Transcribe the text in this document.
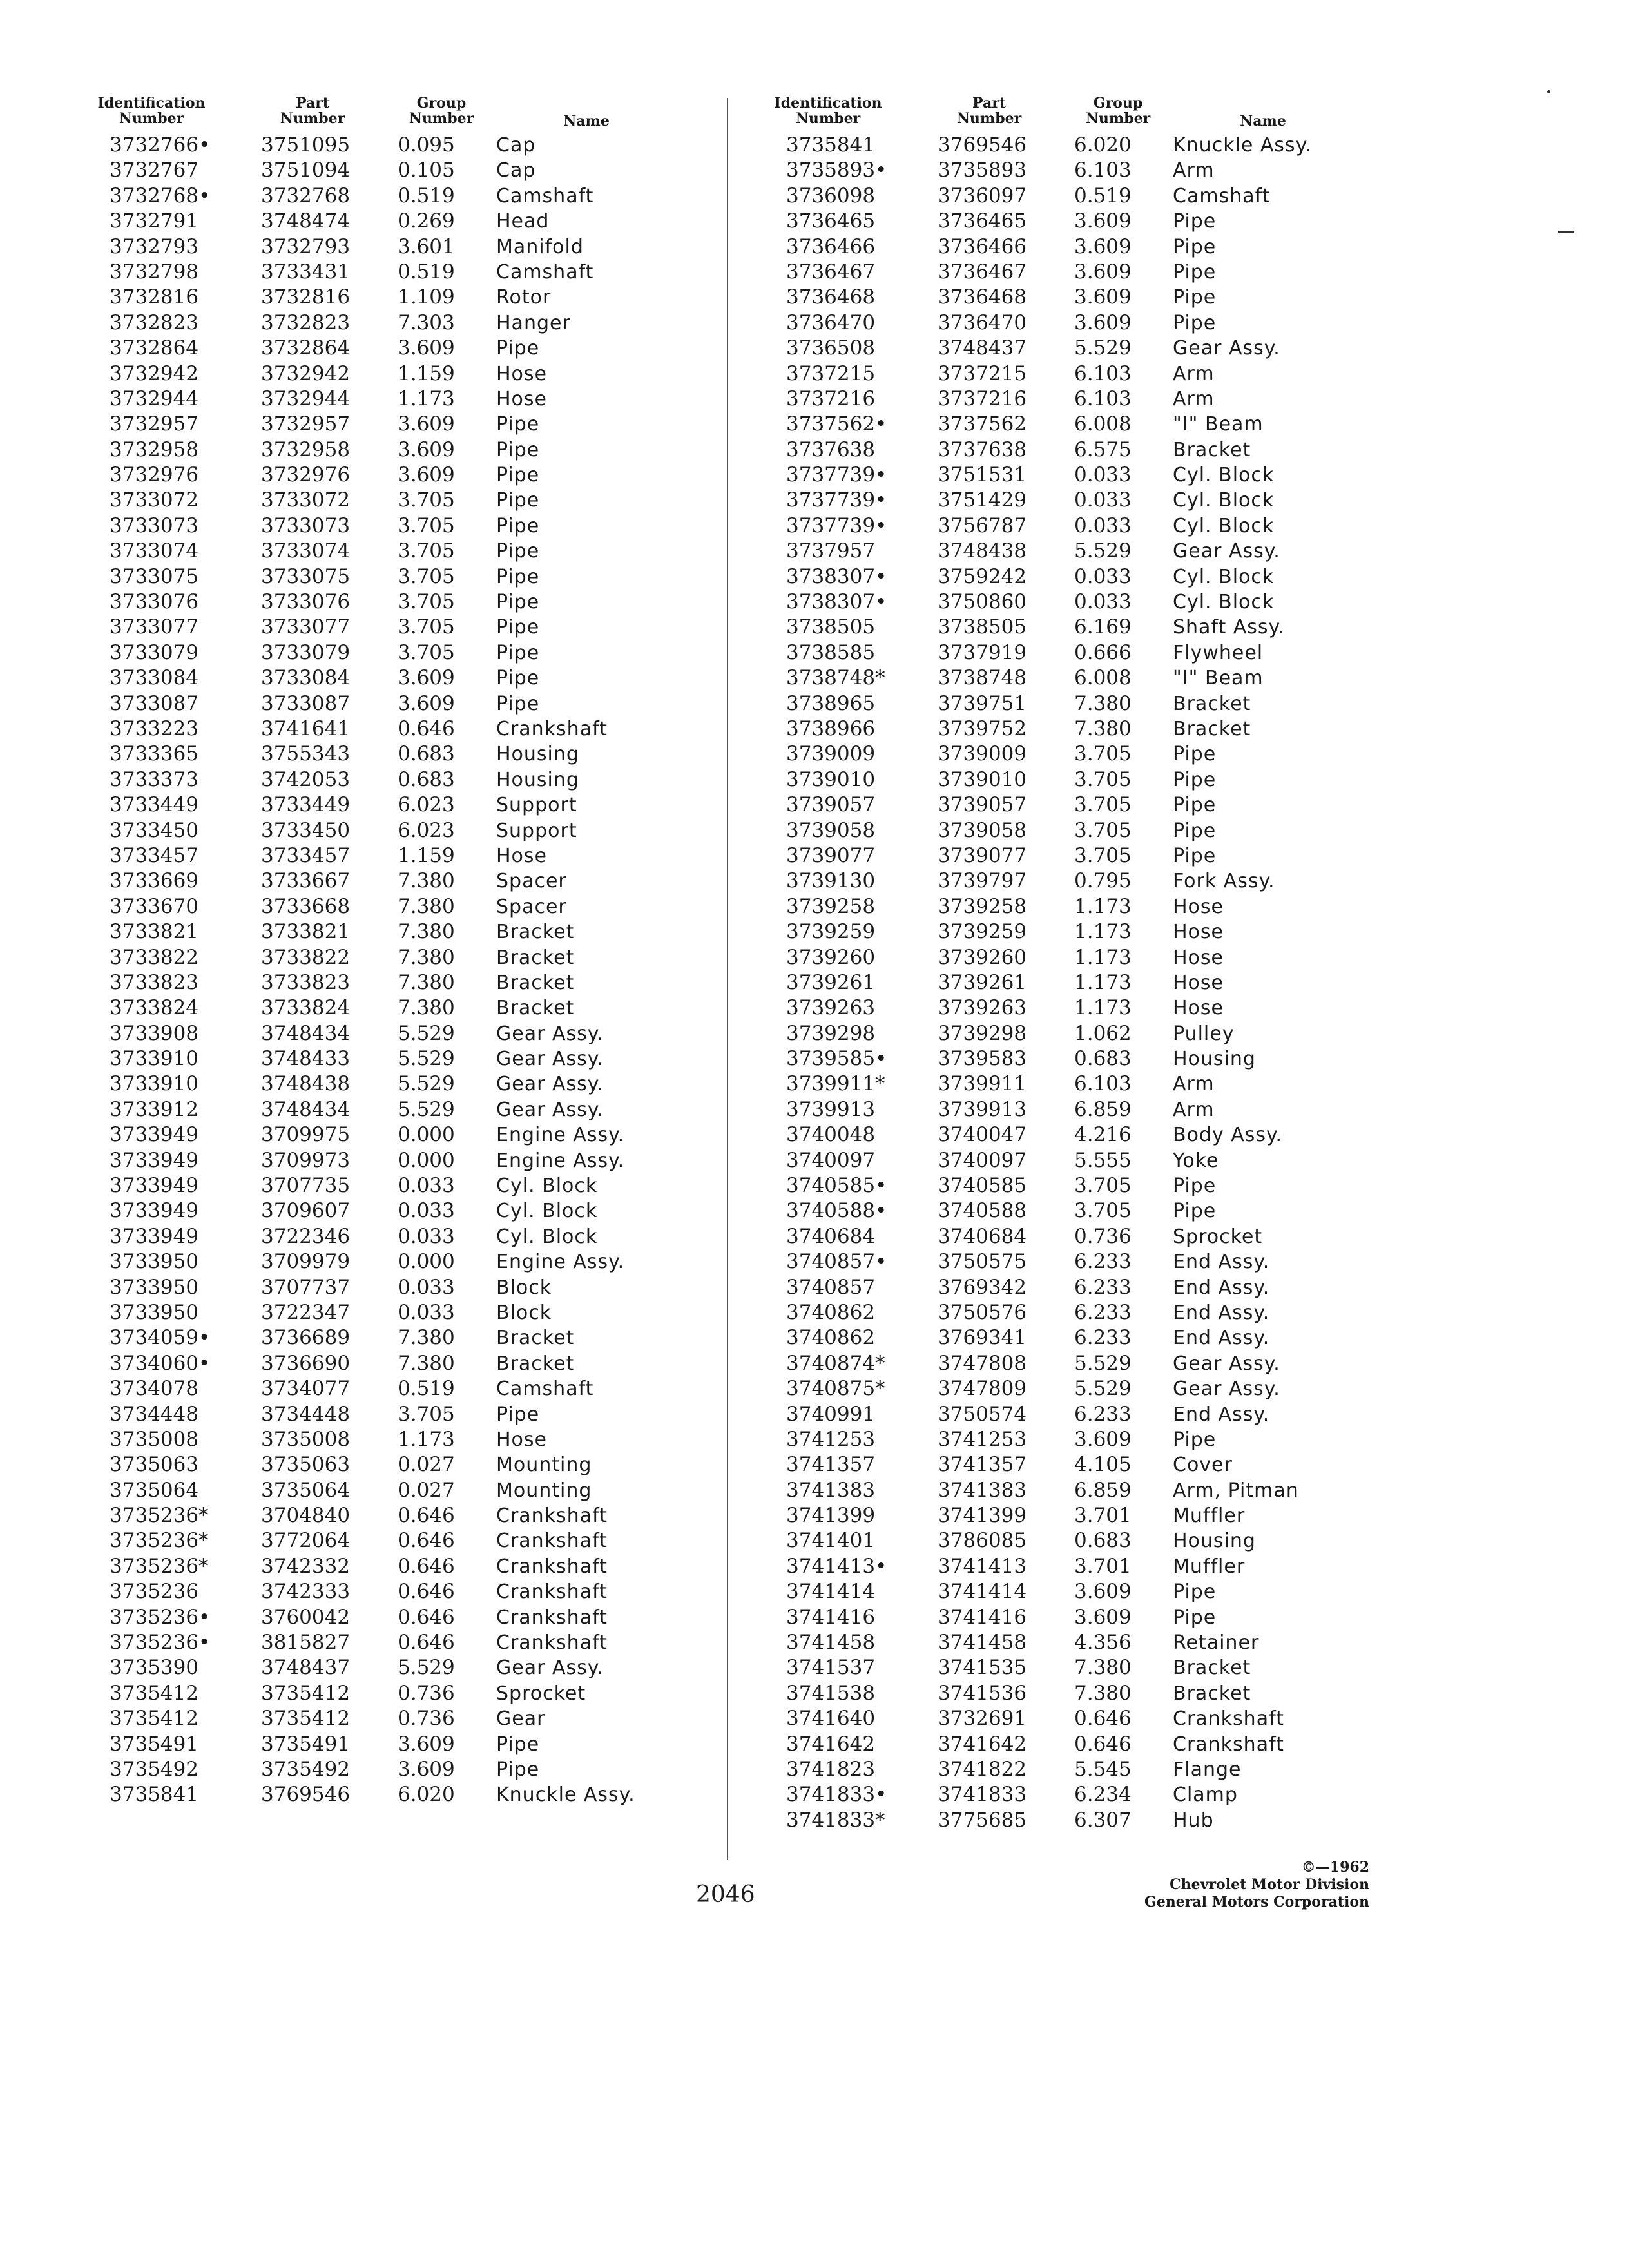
Identification
Number
Part
Number
Group
Number	Name
3732766•	3751095 0.095 Cap
3732767	3751094 0.105 Cap
3732768•	3732768 0.519 Camshaft
3732791	3748474 0.269 Head
3732793	3732793 3.601 Manifold
3732798	3733431 0.519 Camshaft
3732816	3732816 1.109 Rotor
3732823	3732823 7.303 Hanger
3732864	3732864 3.609 Pipe
3732942	3732942 1.159 Hose
3732944	3732944 1.173 Hose
3732957	3732957 3.609 Pipe
3732958	3732958 3.609 Pipe
3732976	3732976 3.609 Pipe
3733072	3733072 3.705 Pipe
3733073	3733073 3.705 Pipe
3733074	3733074 3.705 Pipe
3733075	3733075 3.705 Pipe
3733076	3733076 3.705 Pipe
3733077	3733077 3.705 Pipe
3733079	3733079 3.705 Pipe
3733084	3733084 3.609 Pipe
3733087	3733087 3.609 Pipe
3733223	3741641 0.646 Crankshaft
3733365	3755343 0.683 Housing
3733373	3742053 0.683 Housing
3733449	3733449 6.023 Support
3733450	3733450 6.023 Support
3733457	3733457 1.159 Hose
3733669	3733667 7.380 Spacer
3733670	3733668 7.380 Spacer
3733821	3733821 7.380 Bracket
3733822	3733822 7.380 Bracket
3733823	3733823 7.380 Bracket
3733824	3733824 7.380 Bracket
3733908	3748434 5.529 Gear Assy.
3733910	3748433 5.529 Gear Assy.
3733910	3748438 5.529 Gear Assy.
3733912	3748434 5.529 Gear Assy.
3733949	3709975 0.000 Engine Assy.
3733949	3709973 0.000 Engine Assy.
3733949	3707735 0.033 Cyl. Block
3733949	3709607 0.033 Cyl. Block
3733949	3722346 0.033 Cyl. Block
3733950	3709979 0.000 Engine Assy.
3733950	3707737 0.033 Block
3733950	3722347 0.033 Block
3734059•	3736689 7.380 Bracket
3734060•	3736690 7.380 Bracket
3734078	3734077 0.519 Camshaft
3734448	3734448 3.705 Pipe
3735008	3735008 1.173 Hose
3735063	3735063 0.027 Mounting
3735064	3735064 0.027 Mounting
3735236*	3704840 0.646 Crankshaft
3735236*	3772064 0.646 Crankshaft
3735236*	3742332 0.646 Crankshaft
3735236	3742333 0.646 Crankshaft
3735236•	3760042 0.646 Crankshaft
3735236•	3815827 0.646 Crankshaft
3735390	3748437 5.529 Gear Assy.
3735412	3735412 0.736 Sprocket
3735412	3735412 0.736 Gear
3735491	3735491 3.609 Pipe
3735492	3735492 3.609 Pipe
3735841	3769546 6.020 Knuckle Assy.
Identification
Number
Part
Number
Group
Number	Name
3735841	3769546 6.020 Knuckle Assy.
3735893•	3735893 6.103 Arm
3736098	3736097 0.519 Camshaft
3736465	3736465 3.609 Pipe
3736466	3736466 3.609 Pipe
3736467	3736467 3.609 Pipe
3736468	3736468 3.609 Pipe
3736470	3736470 3.609 Pipe
3736508	3748437 5.529 Gear Assy.
3737215	3737215 6.103 Arm
3737216	3737216 6.103 Arm
3737562•	3737562 6.008 "I" Beam
3737638	3737638 6.575 Bracket
3737739•	3751531 0.033 Cyl. Block
3737739•	3751429 0.033 Cyl. Block
3737739•	3756787 0.033 Cyl. Block
3737957	3748438 5.529 Gear Assy.
3738307•	3759242 0.033 Cyl. Block
3738307•	3750860 0.033 Cyl. Block
3738505	3738505 6.169 Shaft Assy.
3738585	3737919 0.666 Flywheel
3738748*	3738748 6.008 "I" Beam
3738965	3739751 7.380 Bracket
3738966	3739752 7.380 Bracket
3739009	3739009 3.705 Pipe
3739010	3739010 3.705 Pipe
3739057	3739057 3.705 Pipe
3739058	3739058 3.705 Pipe
3739077	3739077 3.705 Pipe
3739130	3739797 0.795 Fork Assy.
3739258	3739258 1.173 Hose
3739259	3739259 1.173 Hose
3739260	3739260 1.173 Hose
3739261	3739261 1.173 Hose
3739263	3739263 1.173 Hose
3739298	3739298 1.062 Pulley
3739585•	3739583 0.683 Housing
3739911*	3739911 6.103 Arm
3739913	3739913 6.859 Arm
3740048	3740047 4.216 Body Assy.
3740097	3740097 5.555 Yoke
3740585•	3740585 3.705 Pipe
3740588•	3740588 3.705 Pipe
3740684	3740684 0.736 Sprocket
3740857•	3750575 6.233 End Assy.
3740857	3769342 6.233 End Assy.
3740862	3750576 6.233 End Assy.
3740862	3769341 6.233 End Assy.
3740874*	3747808 5.529 Gear Assy.
3740875*	3747809 5.529 Gear Assy.
3740991	3750574 6.233 End Assy.
3741253	3741253 3.609 Pipe
3741357	3741357 4.105 Cover
3741383	3741383 6.859 Arm, Pitman
3741399	3741399 3.701 Muffler
3741401	3786085 0.683 Housing
3741413•	3741413 3.701 Muffler
3741414	3741414 3.609 Pipe
3741416	3741416 3.609 Pipe
3741458	3741458 4.356 Retainer
3741537	3741535 7.380 Bracket
3741538	3741536 7.380 Bracket
3741640	3732691 0.646 Crankshaft
3741642	3741642 0.646 Crankshaft
3741823	3741822 5.545 Flange
3741833•	3741833 6.234 Clamp
3741833*	3775685 6.307 Hub
2046
©—1962
Chevrolet Motor Division
General Motors Corporation
